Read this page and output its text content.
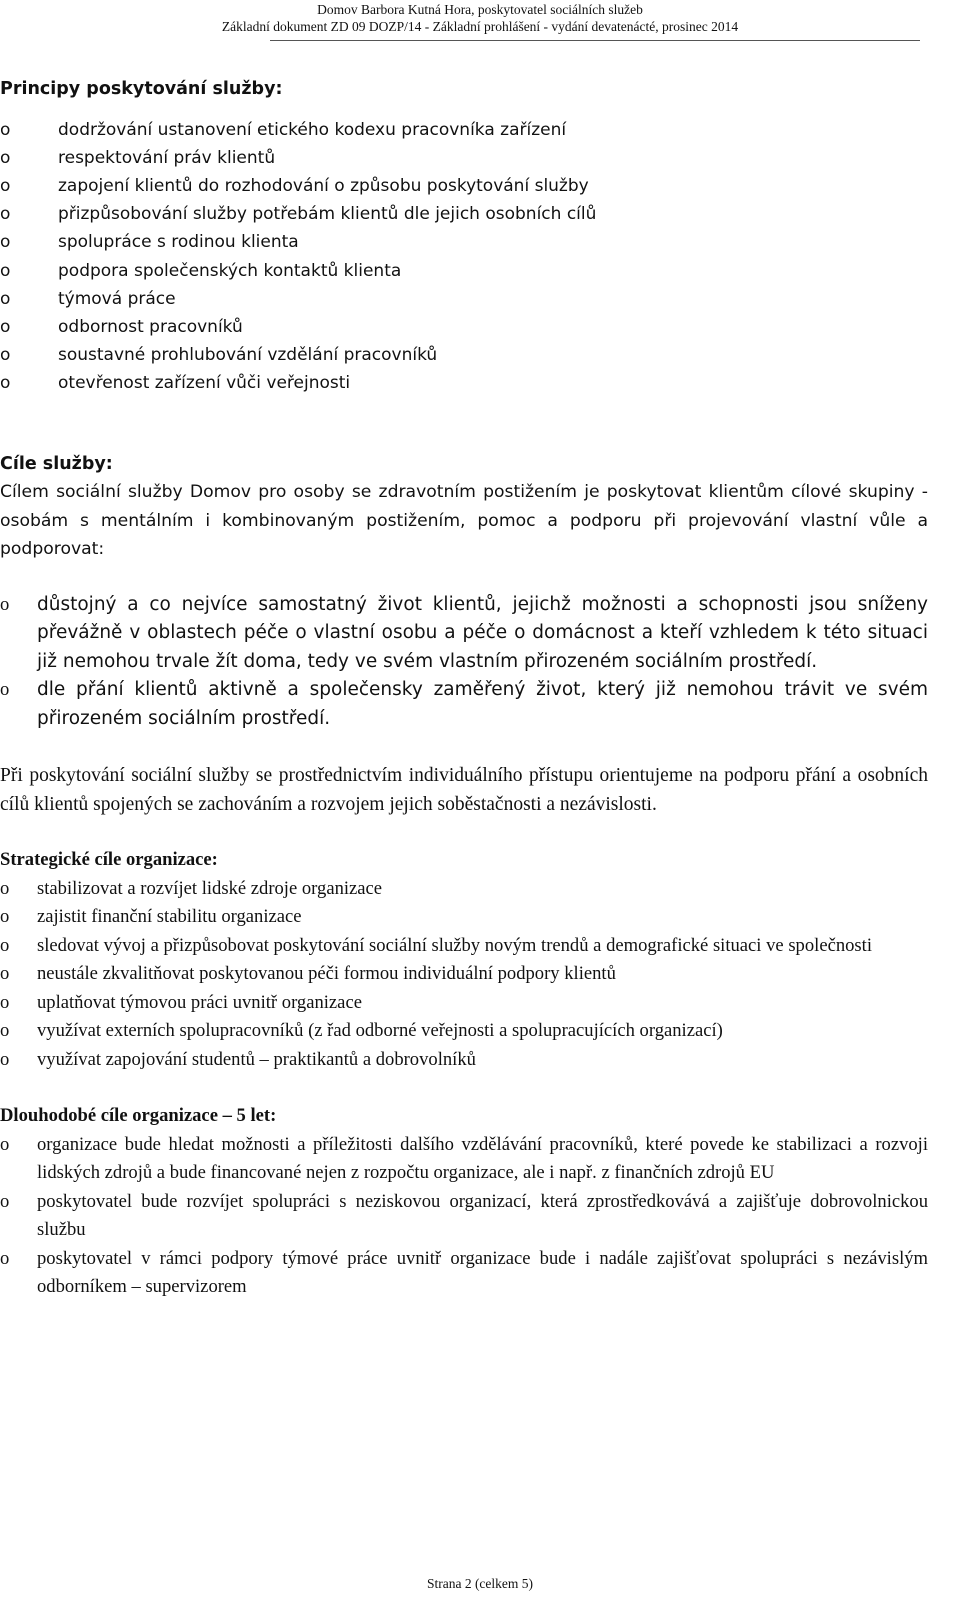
Domov Barbora Kutná Hora, poskytovatel sociálních služeb
Základní dokument ZD 09 DOZP/14 - Základní prohlášení - vydání devatenácté, prosinec 2014
Principy poskytování služby:
o	dodržování ustanovení etického kodexu pracovníka zařízení
o	respektování práv klientů
o	zapojení klientů do rozhodování o způsobu poskytování služby
o	přizpůsobování služby potřebám klientů dle jejich osobních cílů
o	spolupráce s rodinou klienta
o	podpora společenských kontaktů klienta
o	týmová práce
o	odbornost pracovníků
o	soustavné prohlubování vzdělání pracovníků
o	otevřenost zařízení vůči veřejnosti
Cíle služby:

Cílem sociální služby Domov pro osoby se zdravotním postižením je poskytovat klientům cílové skupiny - osobám s mentálním i kombinovaným postižením, pomoc a podporu při projevování vlastní vůle a podporovat:

o důstojný a co nejvíce samostatný život klientů, jejichž možnosti a schopnosti jsou sníženy převážně v oblastech péče o vlastní osobu a péče o domácnost a kteří vzhledem k této situaci již nemohou trvale žít doma, tedy ve svém vlastním přirozeném sociálním prostředí.
o dle přání klientů aktivně a společensky zaměřený život, který již nemohou trávit ve svém přirozeném sociálním prostředí.

Při poskytování sociální služby se prostřednictvím individuálního přístupu orientujeme na podporu přání a osobních cílů klientů spojených se zachováním a rozvojem jejich soběstačnosti a nezávislosti.

Strategické cíle organizace:
o stabilizovat a rozvíjet lidské zdroje organizace
o zajistit finanční stabilitu organizace
o sledovat vývoj a přizpůsobovat poskytování sociální služby novým trendů a demografické situaci ve společnosti
o neustále zkvalitňovat poskytovanou péči formou individuální podpory klientů
o uplatňovat týmovou práci uvnitř organizace
o využívat externích spolupracovníků (z řad odborné veřejnosti a spolupracujících organizací)
o využívat zapojování studentů – praktikantů a dobrovolníků
Dlouhodobé cíle organizace – 5 let:
o organizace bude hledat možnosti a příležitosti dalšího vzdělávání pracovníků, které povede ke stabilizaci a rozvoji lidských zdrojů a bude financované nejen z rozpočtu organizace, ale i např. z finančních zdrojů EU
o poskytovatel bude rozvíjet spolupráci s neziskovou organizací, která zprostředkovává a zajišťuje dobrovolnickou službu
o poskytovatel v rámci podpory týmové práce uvnitř organizace bude i nadále zajišťovat spolupráci s nezávislým odborníkem – supervizorem
Strana 2 (celkem 5)
